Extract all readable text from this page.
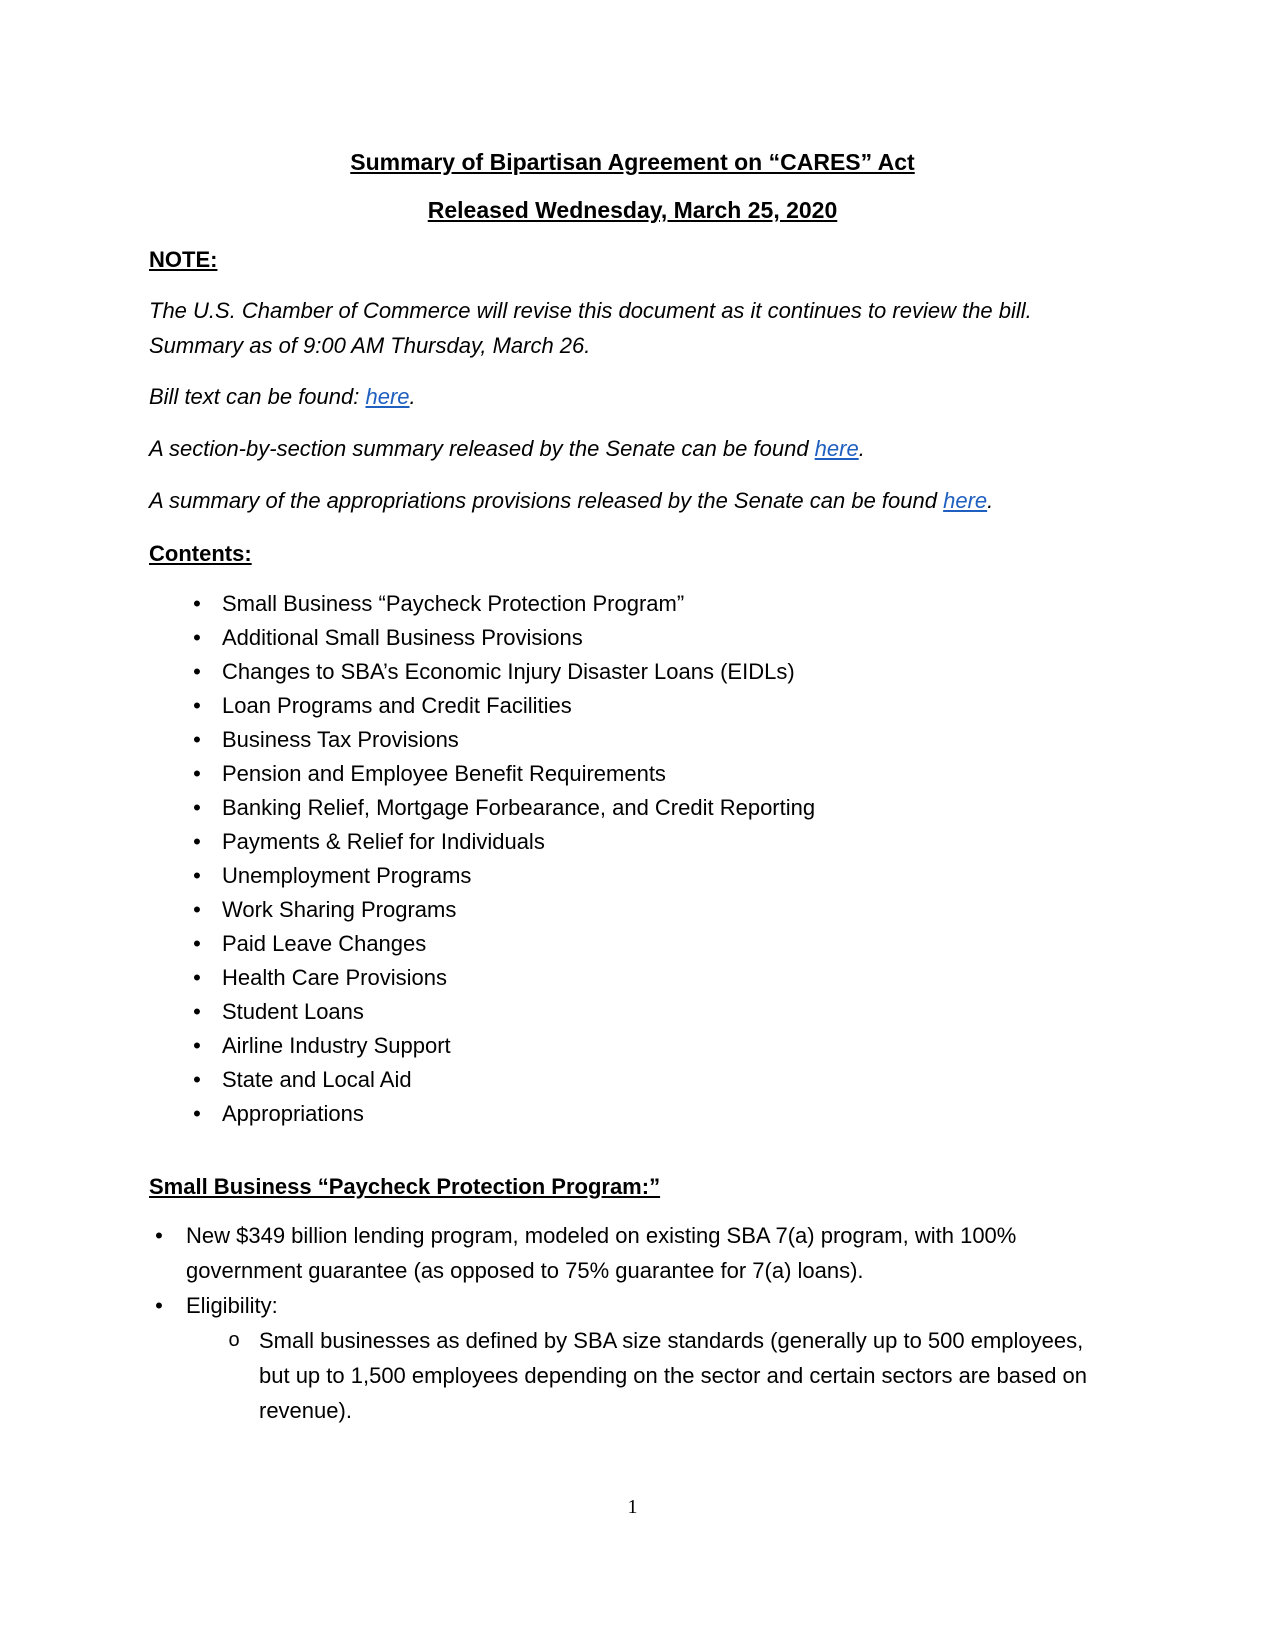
Summary of Bipartisan Agreement on “CARES” Act
Released Wednesday, March 25, 2020

NOTE:

The U.S. Chamber of Commerce will revise this document as it continues to review the bill. Summary as of 9:00 AM Thursday, March 26.

Bill text can be found: here.

A section-by-section summary released by the Senate can be found here.

A summary of the appropriations provisions released by the Senate can be found here.

Contents:

• Small Business “Paycheck Protection Program”
• Additional Small Business Provisions
• Changes to SBA’s Economic Injury Disaster Loans (EIDLs)
• Loan Programs and Credit Facilities
• Business Tax Provisions
• Pension and Employee Benefit Requirements
• Banking Relief, Mortgage Forbearance, and Credit Reporting
• Payments & Relief for Individuals
• Unemployment Programs
• Work Sharing Programs
• Paid Leave Changes
• Health Care Provisions
• Student Loans
• Airline Industry Support
• State and Local Aid
• Appropriations

Small Business “Paycheck Protection Program:”

• New $349 billion lending program, modeled on existing SBA 7(a) program, with 100% government guarantee (as opposed to 75% guarantee for 7(a) loans).
• Eligibility:
o Small businesses as defined by SBA size standards (generally up to 500 employees, but up to 1,500 employees depending on the sector and certain sectors are based on revenue).
1
